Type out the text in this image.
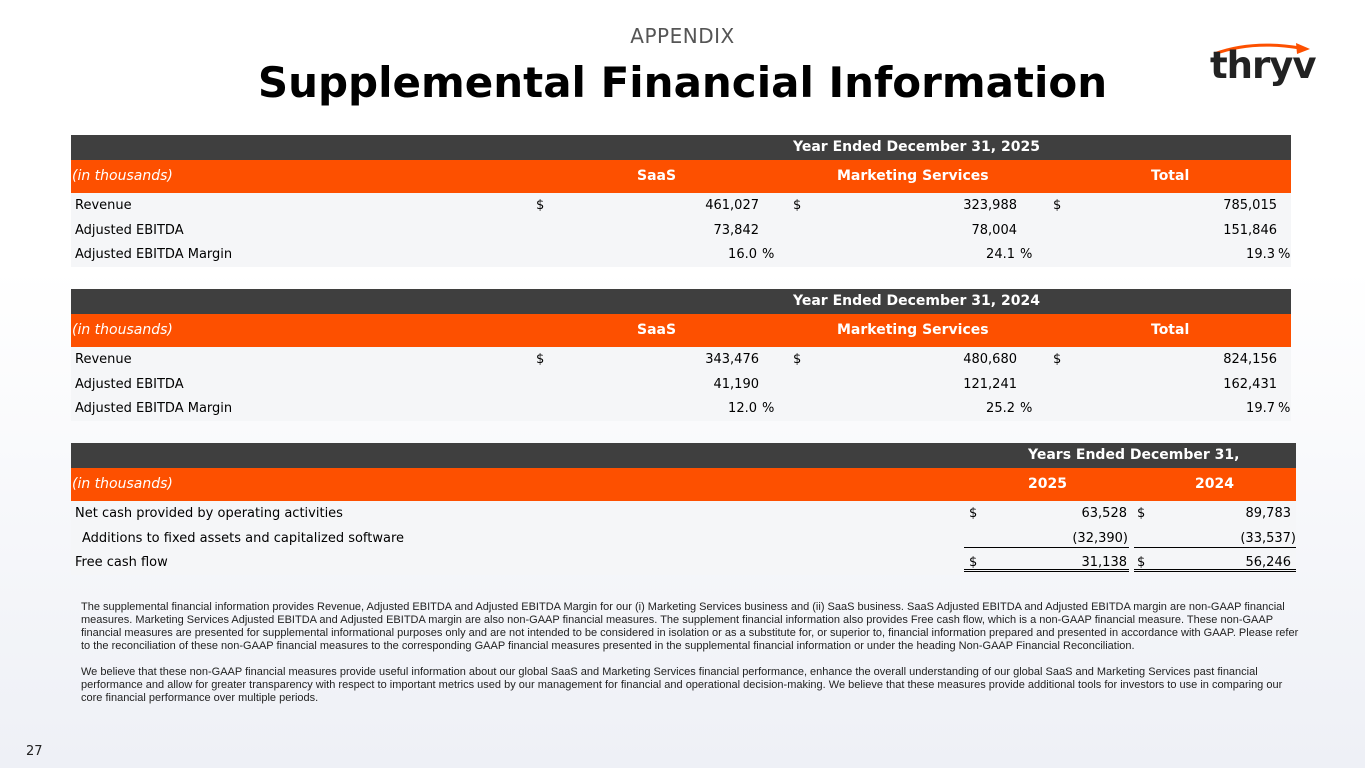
APPENDIX
Supplemental Financial Information	thryv
Year Ended December 31, 2025
(in thousands)	SaaS	Marketing Services	Total
Revenue	$	461,027	$	323,988	$	785,015
Adjusted EBITDA	73,842	78,004	151,846
Adjusted EBITDA Margin	16.0 %	24.1 %	19.3 %
Year Ended December 31, 2024
(in thousands)	SaaS	Marketing Services	Total
Revenue	$	343,476	$	480,680	$	824,156
Adjusted EBITDA	41,190	121,241	162,431
Adjusted EBITDA Margin	12.0 %	25.2 %	19.7 %
Years Ended December 31,
(in thousands)	2025	2024
Net cash provided by operating activities	$	63,528 $	89,783
Additions to fixed assets and capitalized software	(32,390)	(33,537)
Free cash flow	$	31,138 $	56,246

The supplemental financial information provides Revenue, Adjusted EBITDA and Adjusted EBITDA Margin for our (i) Marketing Services business and (ii) SaaS business. SaaS Adjusted EBITDA and Adjusted EBITDA margin are non-GAAP financial measures. Marketing Services Adjusted EBITDA and Adjusted EBITDA margin are also non-GAAP financial measures. The supplement financial information also provides Free cash flow, which is a non-GAAP financial measure. These non-GAAP financial measures are presented for supplemental informational purposes only and are not intended to be considered in isolation or as a substitute for, or superior to, financial information prepared and presented in accordance with GAAP. Please refer to the reconciliation of these non-GAAP financial measures to the corresponding GAAP financial measures presented in the supplemental financial information or under the heading Non-GAAP Financial Reconciliation.

We believe that these non-GAAP financial measures provide useful information about our global SaaS and Marketing Services financial performance, enhance the overall understanding of our global SaaS and Marketing Services past financial performance and allow for greater transparency with respect to important metrics used by our management for financial and operational decision-making. We believe that these measures provide additional tools for investors to use in comparing our core financial performance over multiple periods.

27
